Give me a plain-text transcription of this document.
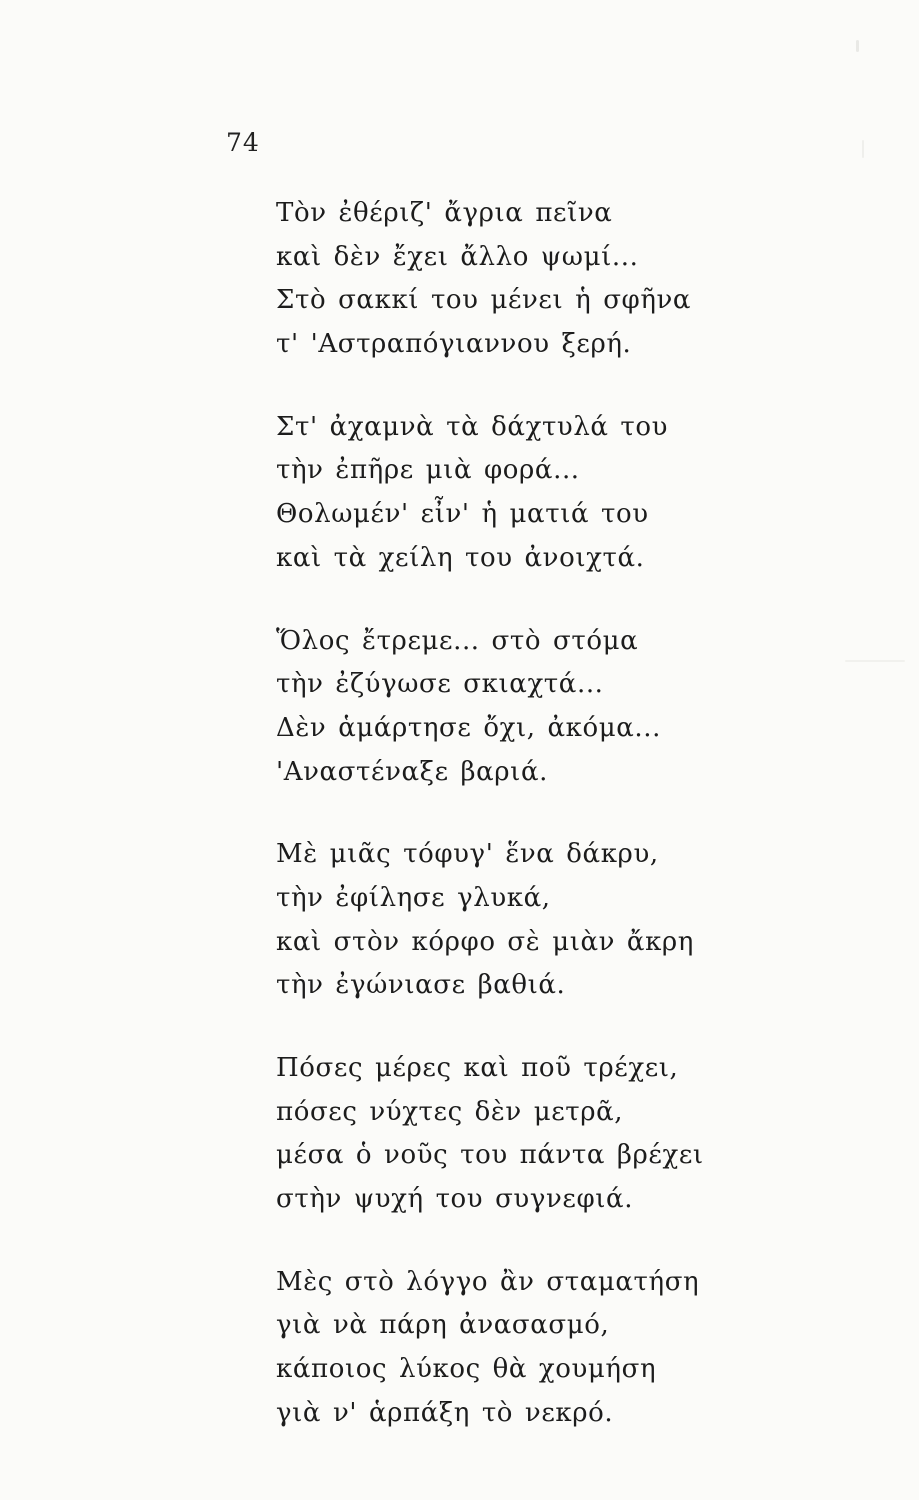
74
Τὸν ἐθέριζ' ἄγρια πεῖνα
καὶ δὲν ἔχει ἄλλο ψωμί...
Στὸ σακκί του μένει ἡ σφῆνα
τ' 'Αστραπόγιαννου ξερή.
Στ' ἀχαμνὰ τὰ δάχτυλά του
τὴν ἐπῆρε μιὰ φορά...
Θολωμέν' εἶν' ἡ ματιά του
καὶ τὰ χείλη του ἀνοιχτά.
Ὅλος ἔτρεμε... στὸ στόμα
τὴν ἐζύγωσε σκιαχτά...
Δὲν ἁμάρτησε ὄχι, ἀκόμα...
'Αναστέναξε βαριά.
Μὲ μιᾶς τόφυγ' ἕνα δάκρυ,
τὴν ἐφίλησε γλυκά,
καὶ στὸν κόρφο σὲ μιὰν ἄκρη
τὴν ἐγώνιασε βαθιά.
Πόσες μέρες καὶ ποῦ τρέχει,
πόσες νύχτες δὲν μετρᾶ,
μέσα ὁ νοῦς του πάντα βρέχει
στὴν ψυχή του συγνεφιά.
Μὲς στὸ λόγγο ἂν σταματήση
γιὰ νὰ πάρη ἀνασασμό,
κάποιος λύκος θὰ χουμήση
γιὰ ν' ἁρπάξη τὸ νεκρό.
